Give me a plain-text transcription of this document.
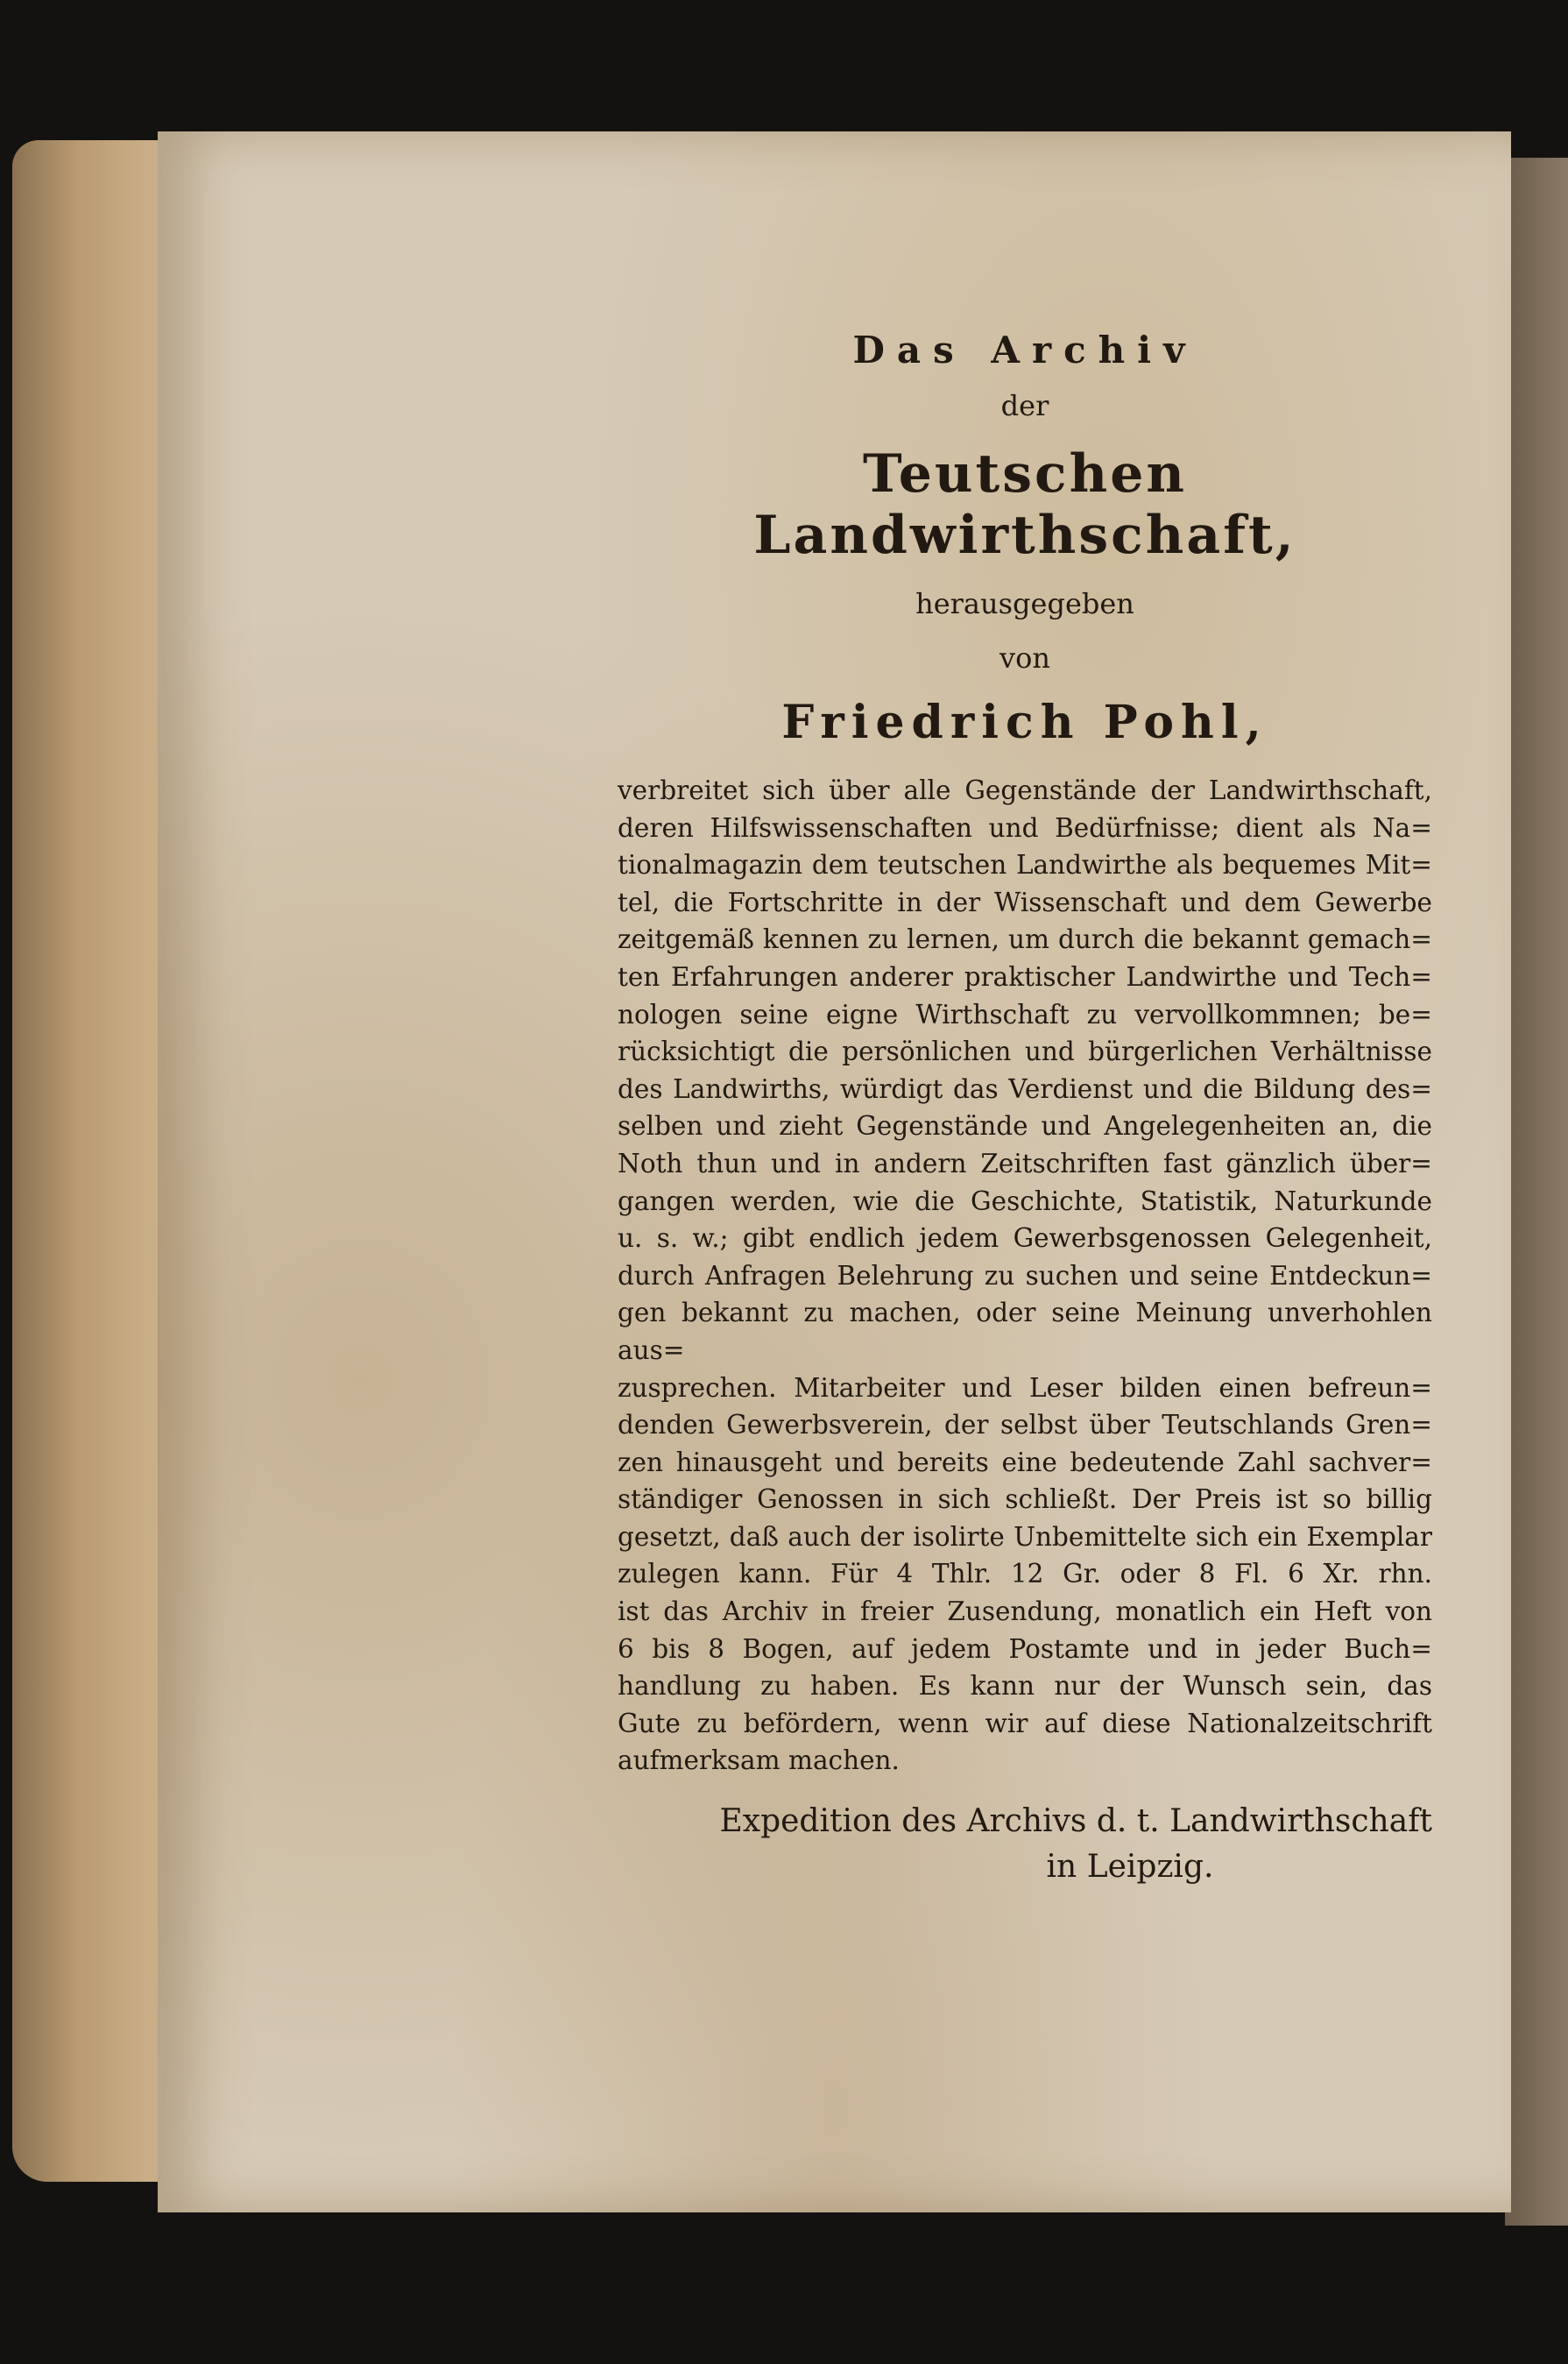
Das Archiv
der
Teutschen Landwirthschaft,
herausgegeben
von
Friedrich Pohl,
verbreitet sich über alle Gegenstände der Landwirthschaft,
deren Hilfswissenschaften und Bedürfnisse; dient als Na=
tionalmagazin dem teutschen Landwirthe als bequemes Mit=
tel, die Fortschritte in der Wissenschaft und dem Gewerbe
zeitgemäß kennen zu lernen, um durch die bekannt gemach=
ten Erfahrungen anderer praktischer Landwirthe und Tech=
nologen seine eigne Wirthschaft zu vervollkommnen; be=
rücksichtigt die persönlichen und bürgerlichen Verhältnisse
des Landwirths, würdigt das Verdienst und die Bildung des=
selben und zieht Gegenstände und Angelegenheiten an, die
Noth thun und in andern Zeitschriften fast gänzlich über=
gangen werden, wie die Geschichte, Statistik, Naturkunde
u. s. w.; gibt endlich jedem Gewerbsgenossen Gelegenheit,
durch Anfragen Belehrung zu suchen und seine Entdeckun=
gen bekannt zu machen, oder seine Meinung unverhohlen aus=
zusprechen. Mitarbeiter und Leser bilden einen befreun=
denden Gewerbsverein, der selbst über Teutschlands Gren=
zen hinausgeht und bereits eine bedeutende Zahl sachver=
ständiger Genossen in sich schließt. Der Preis ist so billig
gesetzt, daß auch der isolirte Unbemittelte sich ein Exemplar
zulegen kann. Für 4 Thlr. 12 Gr. oder 8 Fl. 6 Xr. rhn.
ist das Archiv in freier Zusendung, monatlich ein Heft von
6 bis 8 Bogen, auf jedem Postamte und in jeder Buch=
handlung zu haben. Es kann nur der Wunsch sein, das
Gute zu befördern, wenn wir auf diese Nationalzeitschrift
aufmerksam machen.
Expedition des Archivs d. t. Landwirthschaft
in Leipzig.
